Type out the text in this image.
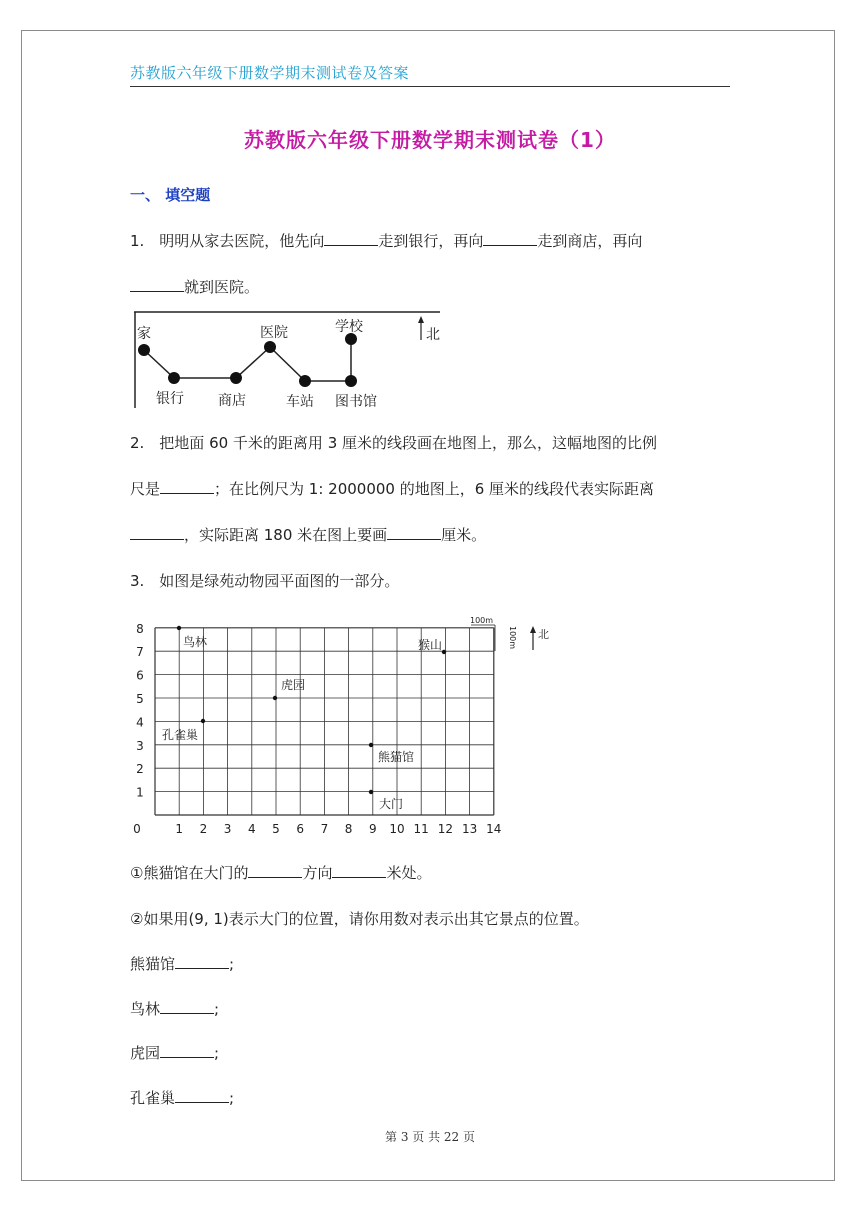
苏教版六年级下册数学期末测试卷及答案
苏教版六年级下册数学期末测试卷（1）
一、 填空题
1.　明明从家去医院，他先向	走到银行，再向	走到商店，再向
就到医院。
家
银行 商店
医院
车站 图书馆
学校	北
2.　把地面 60 千米的距离用 3 厘米的线段画在地图上，那么，这幅地图的比例
尺是	；在比例尺为 1: 2000000 的地图上，6 厘米的线段代表实际距离
，实际距离 180 米在图上要画	厘米。
3.　如图是绿苑动物园平面图的一部分。
0	1 2 3 4 5 6 7 8 9 10 11 12 13 14
1
2
3
4
5
6
7
8
100m
100m 北
鸟林	猴山
虎园
孔雀巢
熊猫馆
大门
①熊猫馆在大门的	方向	米处。
②如果用(9, 1)表示大门的位置，请你用数对表示出其它景点的位置。
熊猫馆	;
鸟林	;
虎园	;
孔雀巢	;
第 3 页 共 22 页
